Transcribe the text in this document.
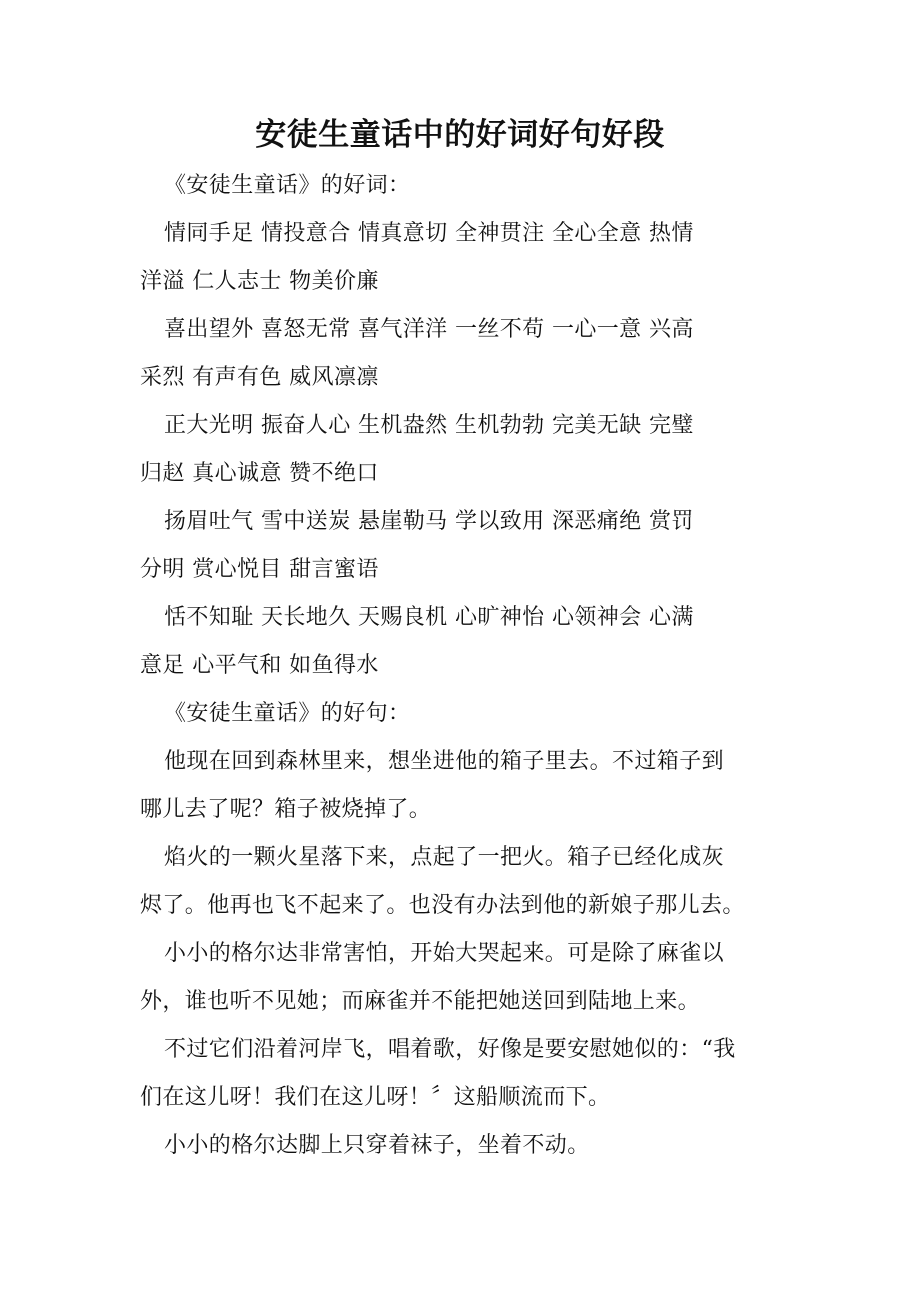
安徒生童话中的好词好句好段
《安徒生童话》的好词：

情同手足 情投意合 情真意切 全神贯注 全心全意 热情
洋溢 仁人志士 物美价廉

喜出望外 喜怒无常 喜气洋洋 一丝不苟 一心一意 兴高
采烈 有声有色 威风凛凛

正大光明 振奋人心 生机盎然 生机勃勃 完美无缺 完璧
归赵 真心诚意 赞不绝口

扬眉吐气 雪中送炭 悬崖勒马 学以致用 深恶痛绝 赏罚
分明 赏心悦目 甜言蜜语

恬不知耻 天长地久 天赐良机 心旷神怡 心领神会 心满
意足 心平气和 如鱼得水

《安徒生童话》的好句：

他现在回到森林里来，想坐进他的箱子里去。不过箱子到
哪儿去了呢？箱子被烧掉了。

焰火的一颗火星落下来，点起了一把火。箱子已经化成灰
烬了。他再也飞不起来了。也没有办法到他的新娘子那儿去。

小小的格尔达非常害怕，开始大哭起来。可是除了麻雀以
外，谁也听不见她；而麻雀并不能把她送回到陆地上来。

不过它们沿着河岸飞，唱着歌，好像是要安慰她似的：“我
们在这儿呀！我们在这儿呀！〞这船顺流而下。

小小的格尔达脚上只穿着袜子，坐着不动。
